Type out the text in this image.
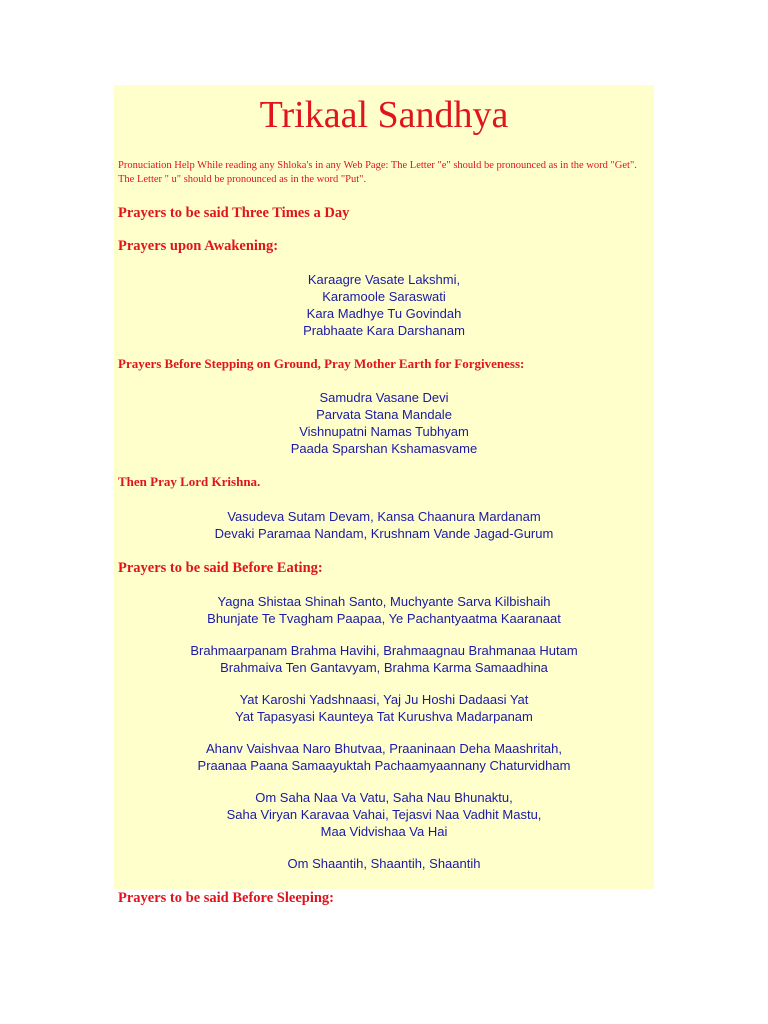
Trikaal Sandhya

Pronuciation Help While reading any Shloka's in any Web Page: The Letter "e" should be pronounced as in the word "Get". The Letter " u" should be pronounced as in the word "Put".

Prayers to be said Three Times a Day

Prayers upon Awakening:

Karaagre Vasate Lakshmi,
Karamoole Saraswati
Kara Madhye Tu Govindah
Prabhaate Kara Darshanam

Prayers Before Stepping on Ground, Pray Mother Earth for Forgiveness:

Samudra Vasane Devi
Parvata Stana Mandale
Vishnupatni Namas Tubhyam
Paada Sparshan Kshamasvame

Then Pray Lord Krishna.

Vasudeva Sutam Devam, Kansa Chaanura Mardanam
Devaki Paramaa Nandam, Krushnam Vande Jagad-Gurum

Prayers to be said Before Eating:

Yagna Shistaa Shinah Santo, Muchyante Sarva Kilbishaih
Bhunjate Te Tvagham Paapaa, Ye Pachantyaatma Kaaranaat
Brahmaarpanam Brahma Havihi, Brahmaagnau Brahmanaa Hutam
Brahmaiva Ten Gantavyam, Brahma Karma Samaadhina
Yat Karoshi Yadshnaasi, Yaj Ju Hoshi Dadaasi Yat
Yat Tapasyasi Kaunteya Tat Kurushva Madarpanam
Ahanv Vaishvaa Naro Bhutvaa, Praaninaan Deha Maashritah,
Praanaa Paana Samaayuktah Pachaamyaannany Chaturvidham
Om Saha Naa Va Vatu, Saha Nau Bhunaktu,
Saha Viryan Karavaa Vahai, Tejasvi Naa Vadhit Mastu,
Maa Vidvishaa Va Hai
Om Shaantih, Shaantih, Shaantih

Prayers to be said Before Sleeping:
